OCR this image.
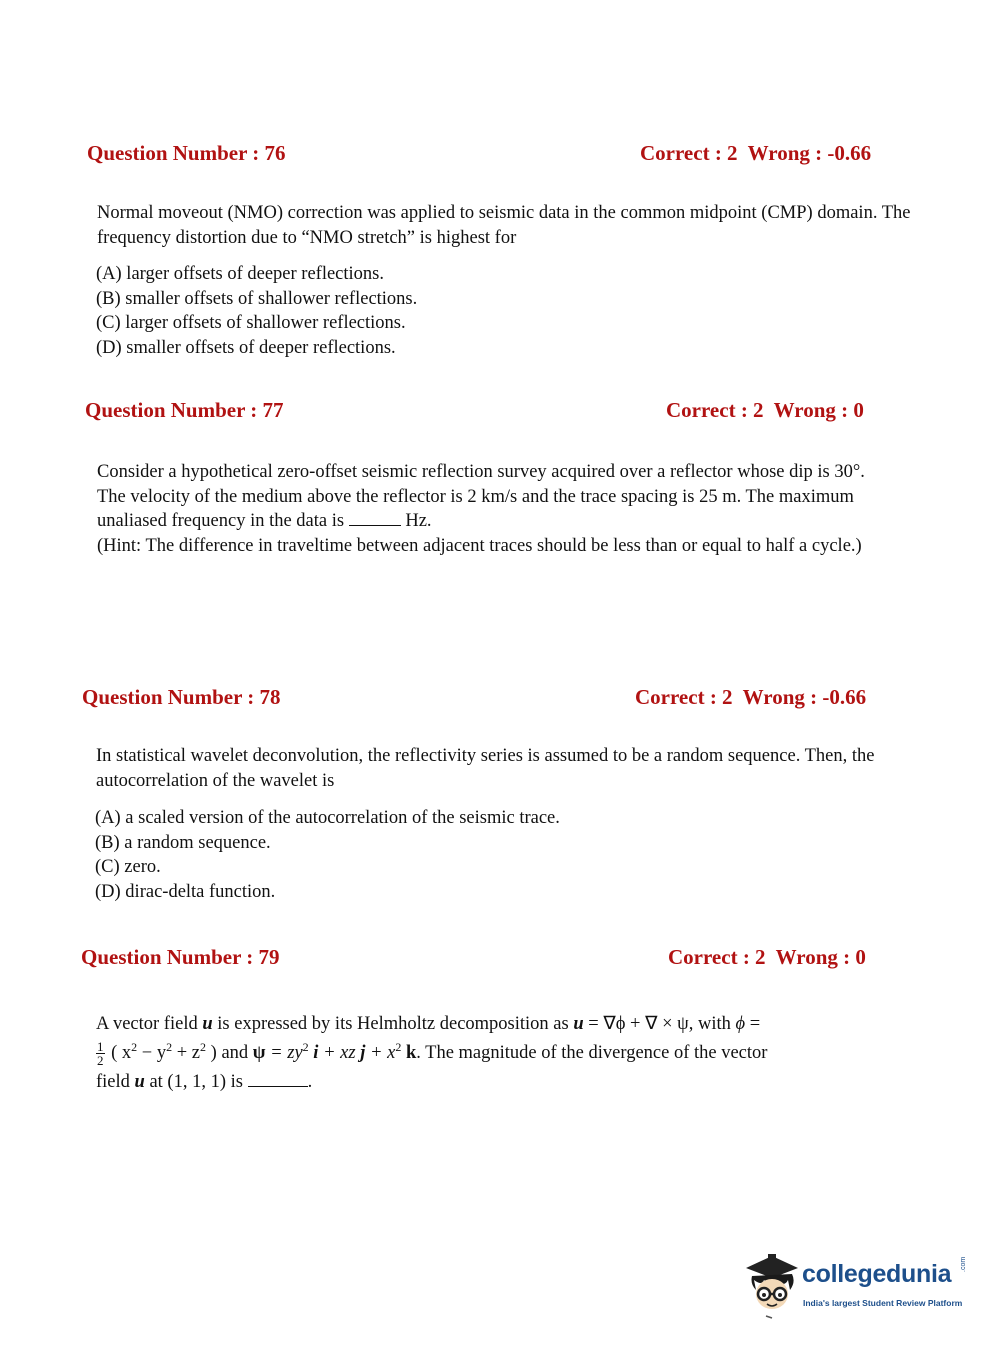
Question Number : 76	Correct : 2  Wrong : -0.66
Normal moveout (NMO) correction was applied to seismic data in the common midpoint (CMP) domain. The frequency distortion due to “NMO stretch” is highest for
(A) larger offsets of deeper reflections.
(B) smaller offsets of shallower reflections.
(C) larger offsets of shallower reflections.
(D) smaller offsets of deeper reflections.
Question Number : 77	Correct : 2  Wrong : 0
Consider a hypothetical zero-offset seismic reflection survey acquired over a reflector whose dip is 30°. The velocity of the medium above the reflector is 2 km/s and the trace spacing is 25 m. The maximum unaliased frequency in the data is	Hz.
(Hint: The difference in traveltime between adjacent traces should be less than or equal to half a cycle.)
Question Number : 78	Correct : 2  Wrong : -0.66
In statistical wavelet deconvolution, the reflectivity series is assumed to be a random sequence. Then, the autocorrelation of the wavelet is
(A) a scaled version of the autocorrelation of the seismic trace.
(B) a random sequence.
(C) zero.
(D) dirac-delta function.
Question Number : 79	Correct : 2  Wrong : 0
A vector field u is expressed by its Helmholtz decomposition as u = ∇ϕ + ∇ × ψ, with ϕ =

$\frac{1}{2}$ ( $x^2 - y^2 + z^2$ ) and $\psi = zy^2$ i + xz $j + x^2$ k. The magnitude of the divergence of the vector
field u at (1, 1, 1) is	.
collegedunia .com
India's largest Student Review Platform
